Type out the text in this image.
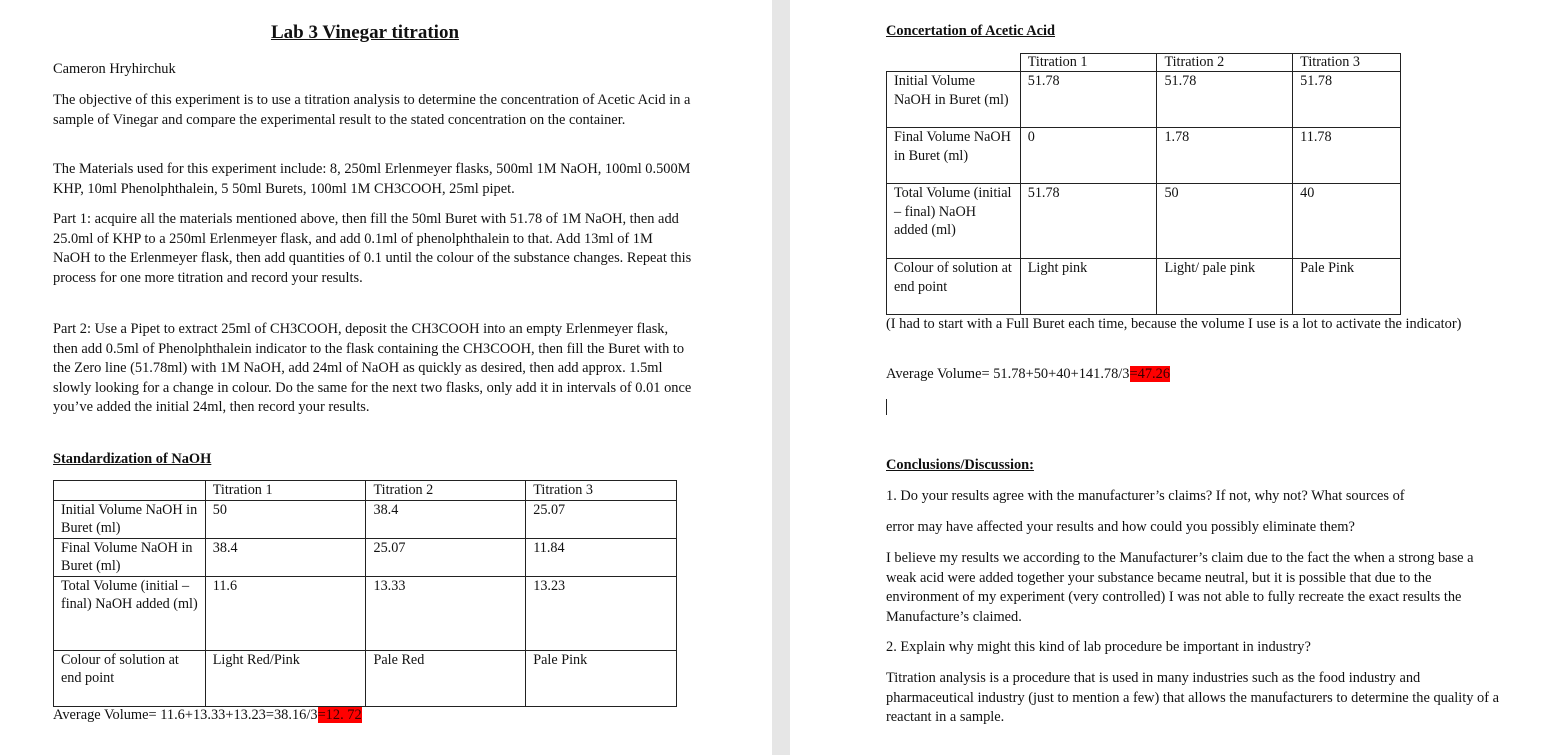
Lab 3 Vinegar titration
Cameron Hryhirchuk

The objective of this experiment is to use a titration analysis to determine the concentration of Acetic Acid in a sample of Vinegar and compare the experimental result to the stated concentration on the container.

The Materials used for this experiment include: 8, 250ml Erlenmeyer flasks, 500ml 1M NaOH, 100ml 0.500M KHP, 10ml Phenolphthalein, 5 50ml Burets, 100ml 1M CH3COOH, 25ml pipet.

Part 1: acquire all the materials mentioned above, then fill the 50ml Buret with 51.78 of 1M NaOH, then add 25.0ml of KHP to a 250ml Erlenmeyer flask, and add 0.1ml of phenolphthalein to that. Add 13ml of 1M NaOH to the Erlenmeyer flask, then add quantities of 0.1 until the colour of the substance changes. Repeat this process for one more titration and record your results.

Part 2: Use a Pipet to extract 25ml of CH3COOH, deposit the CH3COOH into an empty Erlenmeyer flask, then add 0.5ml of Phenolphthalein indicator to the flask containing the CH3COOH, then fill the Buret with to the Zero line (51.78ml) with 1M NaOH, add 24ml of NaOH as quickly as desired, then add approx. 1.5ml slowly looking for a change in colour. Do the same for the next two flasks, only add it in intervals of 0.01 once you’ve added the initial 24ml, then record your results.

Standardization of NaOH
	Titration 1	Titration 2	Titration 3
Initial Volume NaOH in Buret (ml)	50	38.4	25.07
Final Volume NaOH in Buret (ml)	38.4	25.07	11.84
Total Volume (initial – final) NaOH added (ml)	11.6	13.33	13.23
Colour of solution at end point	Light Red/Pink	Pale Red	Pale Pink
Average Volume= 11.6+13.33+13.23=38.16/3=12. 72
Concertation of Acetic Acid
	Titration 1	Titration 2	Titration 3
Initial Volume NaOH in Buret (ml)	51.78	51.78	51.78
Final Volume NaOH in Buret (ml)	0	1.78	11.78
Total Volume (initial – final) NaOH added (ml)	51.78	50	40
Colour of solution at end point	Light pink	Light/ pale pink	Pale Pink

(I had to start with a Full Buret each time, because the volume I use is a lot to activate the indicator)

Average Volume= 51.78+50+40+141.78/3=47.26
Conclusions/Discussion:
1. Do your results agree with the manufacturer’s claims? If not, why not? What sources of
error may have affected your results and how could you possibly eliminate them?

I believe my results we according to the Manufacturer’s claim due to the fact the when a strong base a weak acid were added together your substance became neutral, but it is possible that due to the environment of my experiment (very controlled) I was not able to fully recreate the exact results the Manufacture’s claimed.

2. Explain why might this kind of lab procedure be important in industry?

Titration analysis is a procedure that is used in many industries such as the food industry and pharmaceutical industry (just to mention a few) that allows the manufacturers to determine the quality of a reactant in a sample.
